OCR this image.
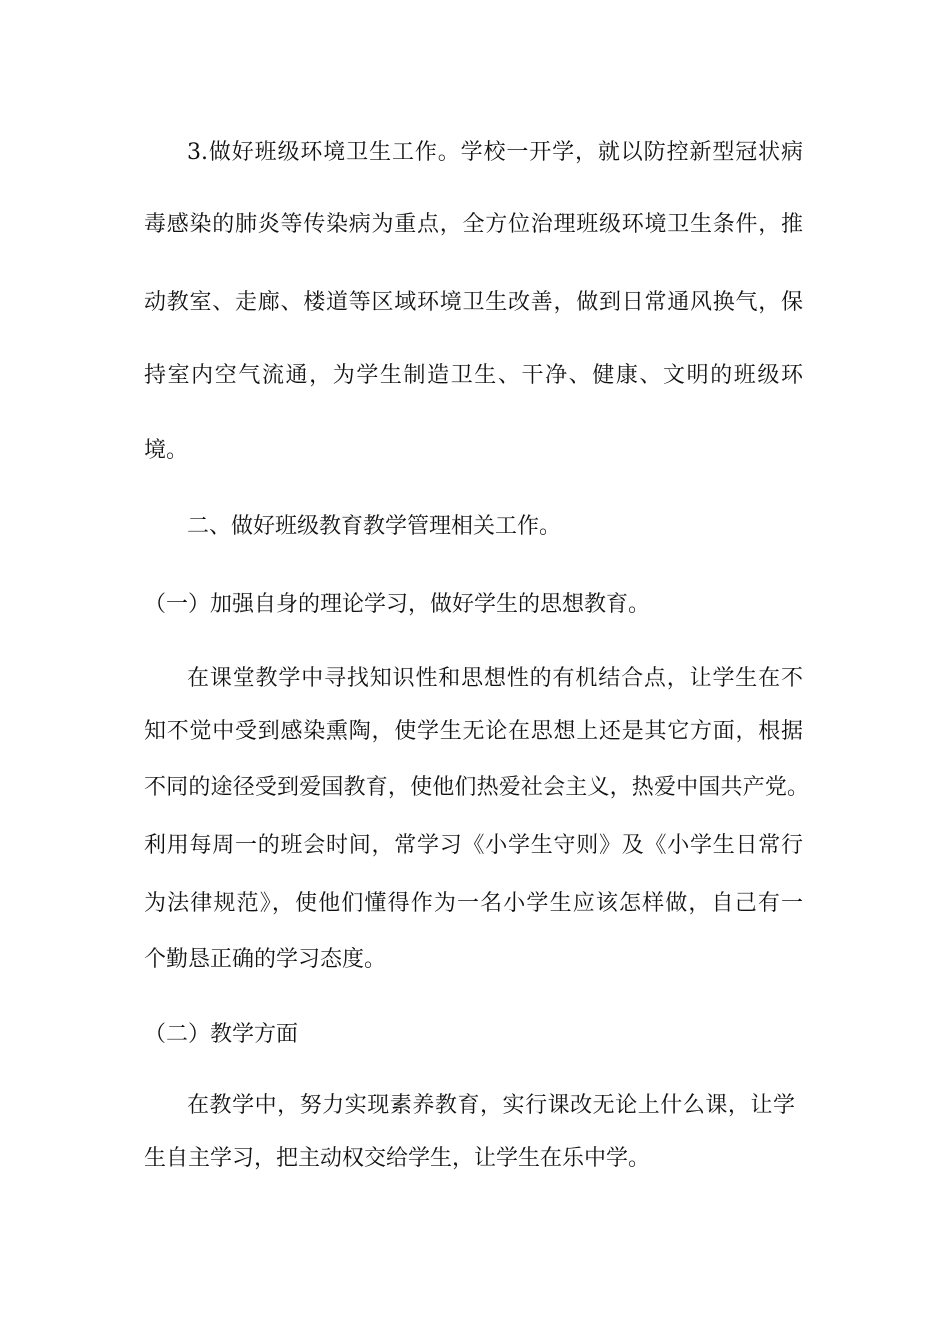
3.做好班级环境卫生工作。学校一开学，就以防控新型冠状病

毒感染的肺炎等传染病为重点，全方位治理班级环境卫生条件，推

动教室、走廊、楼道等区域环境卫生改善，做到日常通风换气，保

持室内空气流通，为学生制造卫生、干净、健康、文明的班级环

境。

二、做好班级教育教学管理相关工作。

（一）加强自身的理论学习，做好学生的思想教育。

在课堂教学中寻找知识性和思想性的有机结合点，让学生在不

知不觉中受到感染熏陶，使学生无论在思想上还是其它方面，根据

不同的途径受到爱国教育，使他们热爱社会主义，热爱中国共产党。

利用每周一的班会时间，常学习《小学生守则》及《小学生日常行

为法律规范》，使他们懂得作为一名小学生应该怎样做，自己有一

个勤恳正确的学习态度。

（二）教学方面

在教学中，努力实现素养教育，实行课改无论上什么课，让学

生自主学习，把主动权交给学生，让学生在乐中学。
